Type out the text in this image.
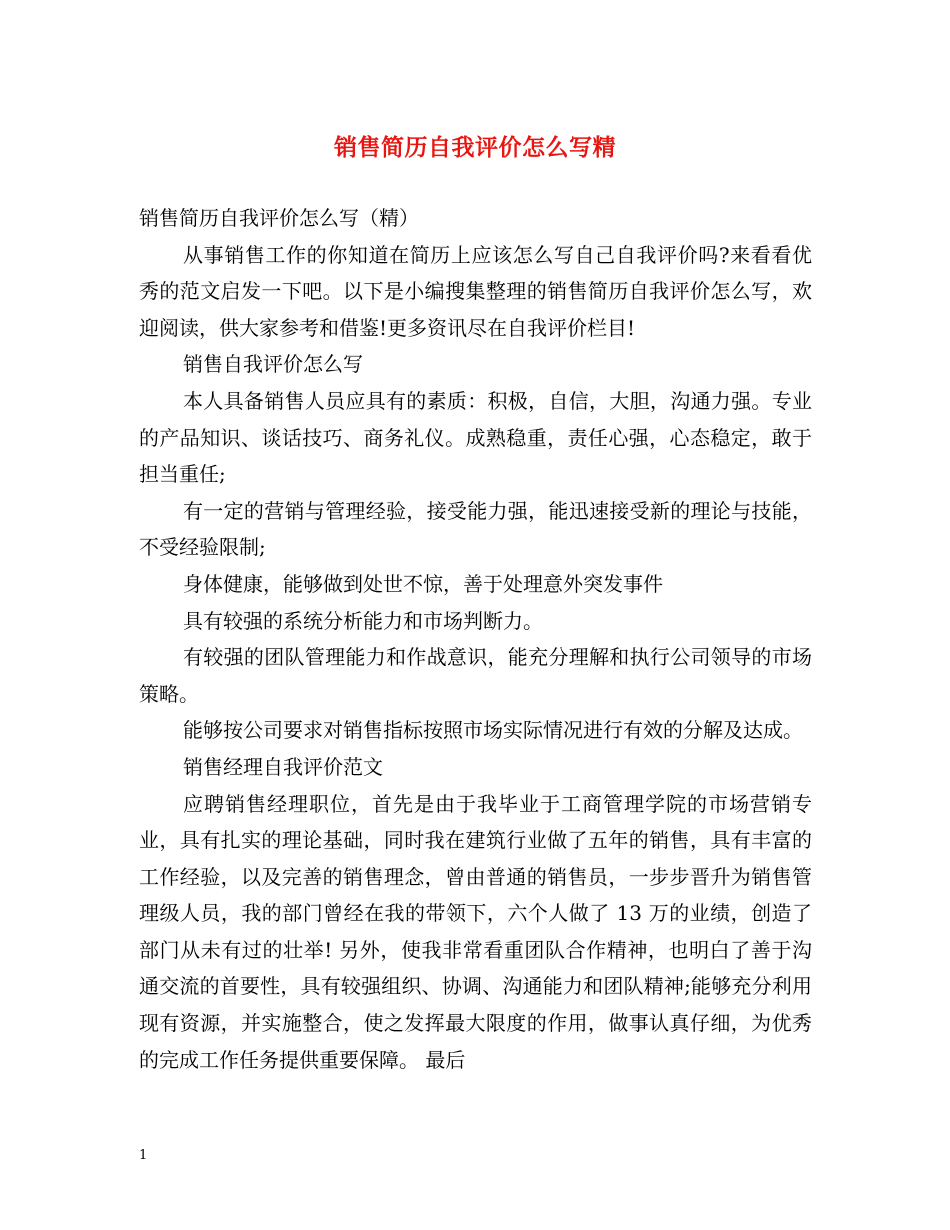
销售简历自我评价怎么写精

销售简历自我评价怎么写（精）

从事销售工作的你知道在简历上应该怎么写自己自我评价吗?来看看优秀的范文启发一下吧。以下是小编搜集整理的销售简历自我评价怎么写，欢迎阅读，供大家参考和借鉴!更多资讯尽在自我评价栏目!

销售自我评价怎么写

本人具备销售人员应具有的素质：积极，自信，大胆，沟通力强。专业的产品知识、谈话技巧、商务礼仪。成熟稳重，责任心强，心态稳定，敢于担当重任;

有一定的营销与管理经验，接受能力强，能迅速接受新的理论与技能，不受经验限制;

身体健康，能够做到处世不惊，善于处理意外突发事件

具有较强的系统分析能力和市场判断力。

有较强的团队管理能力和作战意识，能充分理解和执行公司领导的市场策略。

能够按公司要求对销售指标按照市场实际情况进行有效的分解及达成。

销售经理自我评价范文

应聘销售经理职位，首先是由于我毕业于工商管理学院的市场营销专业，具有扎实的理论基础，同时我在建筑行业做了五年的销售，具有丰富的工作经验，以及完善的销售理念，曾由普通的销售员，一步步晋升为销售管理级人员，我的部门曾经在我的带领下，六个人做了 13 万的业绩，创造了部门从未有过的壮举! 另外，使我非常看重团队合作精神，也明白了善于沟通交流的首要性，具有较强组织、协调、沟通能力和团队精神;能够充分利用现有资源，并实施整合，使之发挥最大限度的作用，做事认真仔细，为优秀的完成工作任务提供重要保障。 最后

1
